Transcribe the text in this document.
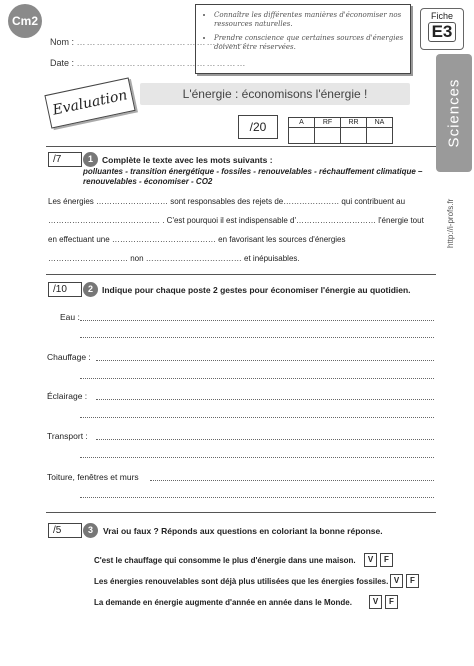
Cm2
Nom : ……………………………………………
Date : ……………………………………………
• Connaître les différentes manières d'économiser nos ressources naturelles.
• Prendre conscience que certaines sources d'énergies doivent être réservées.
Fiche
E3
Sciences
http://i-profs.fr
Evaluation	L'énergie : économisons l'énergie !
/20	A	RF	RR	NA

/7	1	Complète le texte avec les mots suivants :
polluantes - transition énergétique - fossiles - renouvelables - réchauffement climatique –
renouvelables - économiser - CO2
Les énergies ……………………… sont responsables des rejets de………………… qui contribuent au
…………………………………… . C'est pourquoi il est indispensable d'………………………… l'énergie tout
en effectuant une ………………………………… en favorisant les sources d'énergies
………………………… non ……………………………… et inépuisables.
/10	2	Indique pour chaque poste 2 gestes pour économiser l'énergie au quotidien.
Eau :
Chauffage :
Éclairage :
Transport :
Toiture, fenêtres et murs
/5	3	Vrai ou faux ? Réponds aux questions en coloriant la bonne réponse.
C'est le chauffage qui consomme le plus d'énergie dans une maison.	V	F
Les énergies renouvelables sont déjà plus utilisées que les énergies fossiles. V	F
La demande en énergie augmente d'année en année dans le Monde.	V	F
